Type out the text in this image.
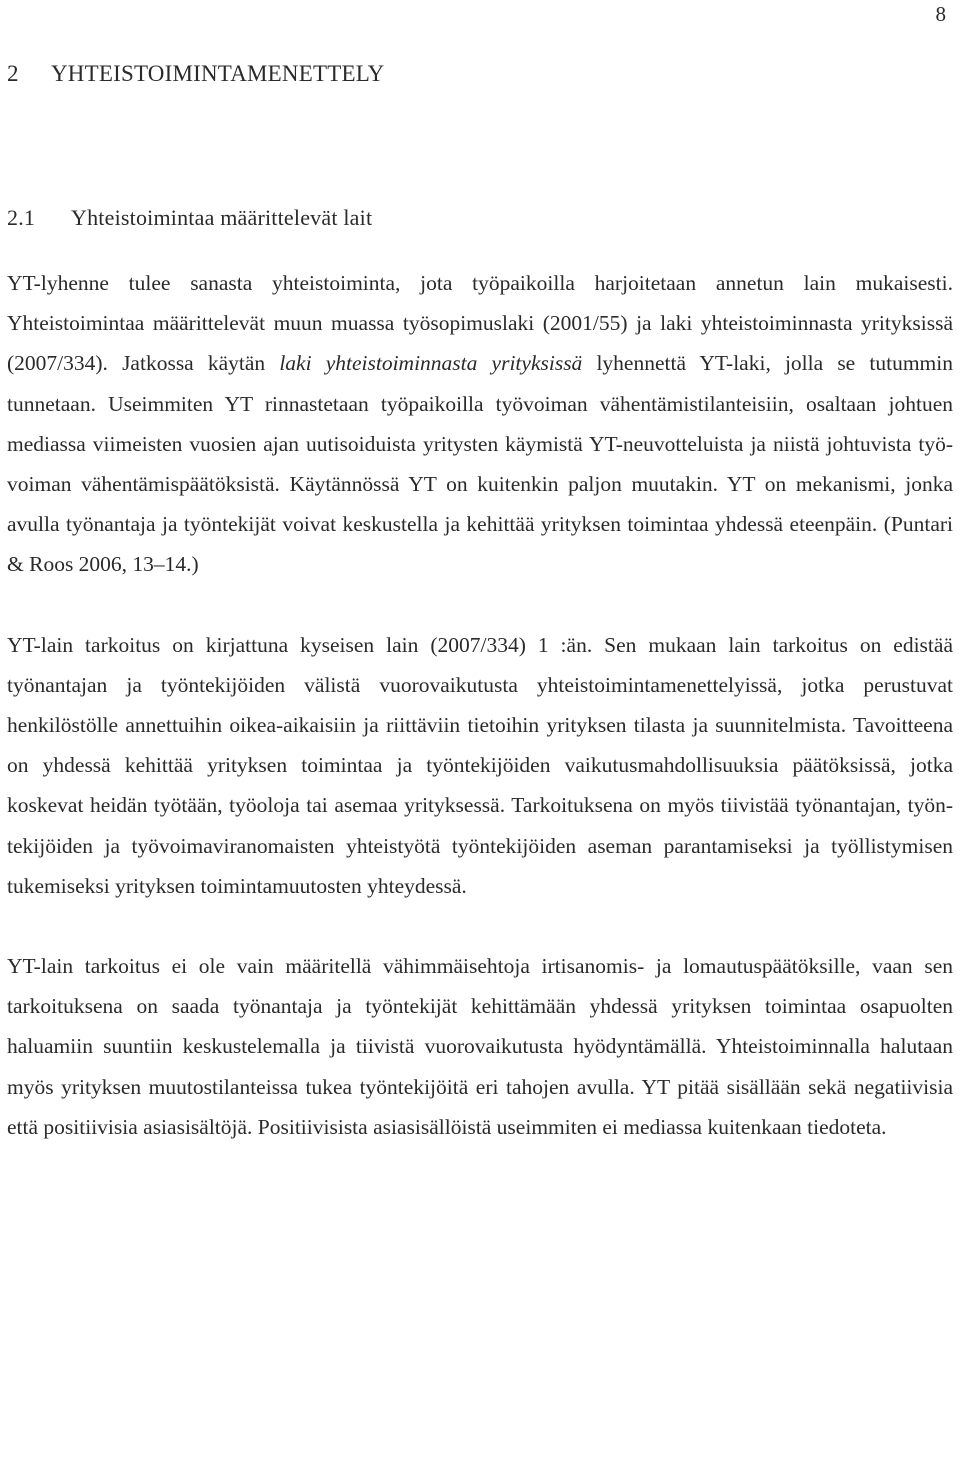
8
2 YHTEISTOIMINTAMENETTELY
2.1 Yhteistoimintaa määrittelevät lait

YT-lyhenne tulee sanasta yhteistoiminta, jota työpaikoilla harjoitetaan annetun lain mukaisesti. Yhteistoimintaa määrittelevät muun muassa työsopimuslaki (2001/55) ja laki yhteistoiminnasta yrityksissä (2007/334). Jatkossa käytän laki yhteistoiminnasta yrityksissä lyhennettä YT-laki, jolla se tutummin tunnetaan. Useimmiten YT rinnastetaan työpaikoilla työvoiman vähentämistilanteisiin, osaltaan johtuen mediassa viimeisten vuosien ajan uutisoiduista yritysten käymistä YT-neuvotteluista ja niistä johtuvista työvoiman vähentämispäätöksistä. Käytännössä YT on kuitenkin paljon muutakin. YT on mekanismi, jonka avulla työnantaja ja työntekijät voivat keskustella ja kehittää yrityksen toimintaa yhdessä eteenpäin. (Puntari & Roos 2006, 13–14.)

YT-lain tarkoitus on kirjattuna kyseisen lain (2007/334) 1 :än. Sen mukaan lain tarkoitus on edistää työnantajan ja työntekijöiden välistä vuorovaikutusta yhteistoimintamenettelyissä, jotka perustuvat henkilöstölle annettuihin oikea-aikaisiin ja riittäviin tietoihin yrityksen tilasta ja suunnitelmista. Tavoitteena on yhdessä kehittää yrityksen toimintaa ja työntekijöiden vaikutusmahdollisuuksia päätöksissä, jotka koskevat heidän työtään, työoloja tai asemaa yrityksessä. Tarkoituksena on myös tiivistää työnantajan, työntekijöiden ja työvoimaviranomaisten yhteistyötä työntekijöiden aseman parantamiseksi ja työllistymisen tukemiseksi yrityksen toimintamuutosten yhteydessä.

YT-lain tarkoitus ei ole vain määritellä vähimmäisehtoja irtisanomis- ja lomautuspäätöksille, vaan sen tarkoituksena on saada työnantaja ja työntekijät kehittämään yhdessä yrityksen toimintaa osapuolten haluamiin suuntiin keskustelemalla ja tiivistä vuorovaikutusta hyödyntämällä. Yhteistoiminnalla halutaan myös yrityksen muutostilanteissa tukea työntekijöitä eri tahojen avulla. YT pitää sisällään sekä negatiivisia että positiivisia asiasisältöjä. Positiivisista asiasisällöistä useimmiten ei mediassa kuitenkaan tiedoteta.
